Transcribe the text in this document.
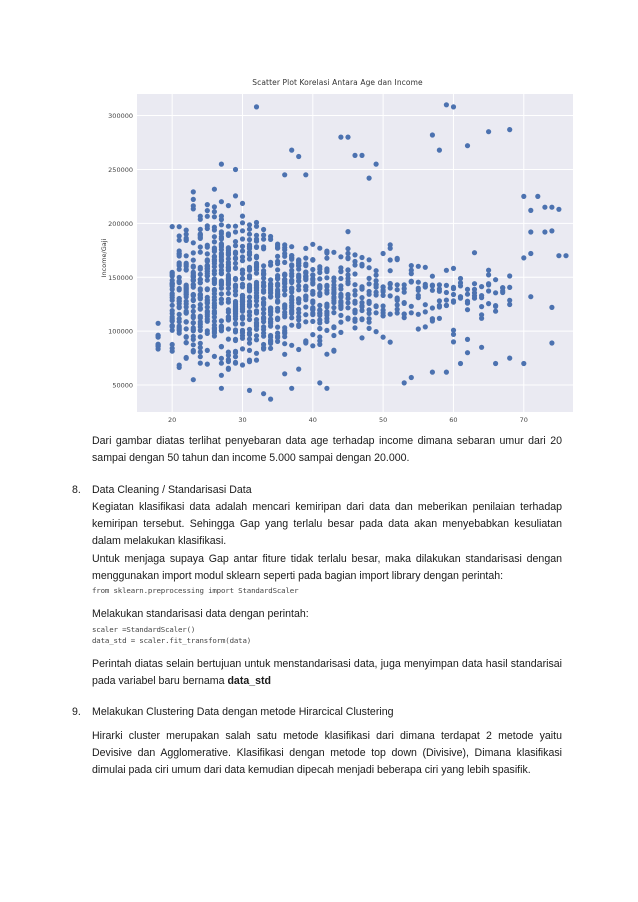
50000
100000
150000
200000
250000
300000
20	30	40	50	60	70
Income/Gaji
Scatter Plot Korelasi Antara Age dan Income

Dari gambar diatas terlihat penyebaran data age terhadap income dimana sebaran umur dari 20 sampai dengan 50 tahun dan income 5.000 sampai dengan 20.000.

8.	Data Cleaning / Standarisasi Data

Kegiatan klasifikasi data adalah mencari kemiripan dari data dan meberikan penilaian terhadap kemiripan tersebut. Sehingga Gap yang terlalu besar pada data akan menyebabkan kesuliatan dalam melakukan klasifikasi.

Untuk menjaga supaya Gap antar fiture tidak terlalu besar, maka dilakukan standarisasi dengan menggunakan import modul sklearn seperti pada bagian import library dengan perintah:

from sklearn.preprocessing import StandardScaler

Melakukan standarisasi data dengan perintah:

scaler =StandardScaler()
data_std = scaler.fit_transform(data)

Perintah diatas selain bertujuan untuk menstandarisasi data, juga menyimpan data hasil standarisai pada variabel baru bernama data_std

9.	Melakukan Clustering Data dengan metode Hirarcical Clustering

Hirarki cluster merupakan salah satu metode klasifikasi dari dimana terdapat 2 metode yaitu Devisive dan Agglomerative. Klasifikasi dengan metode top down (Divisive), Dimana klasifikasi dimulai pada ciri umum dari data kemudian dipecah menjadi beberapa ciri yang lebih spasifik.
